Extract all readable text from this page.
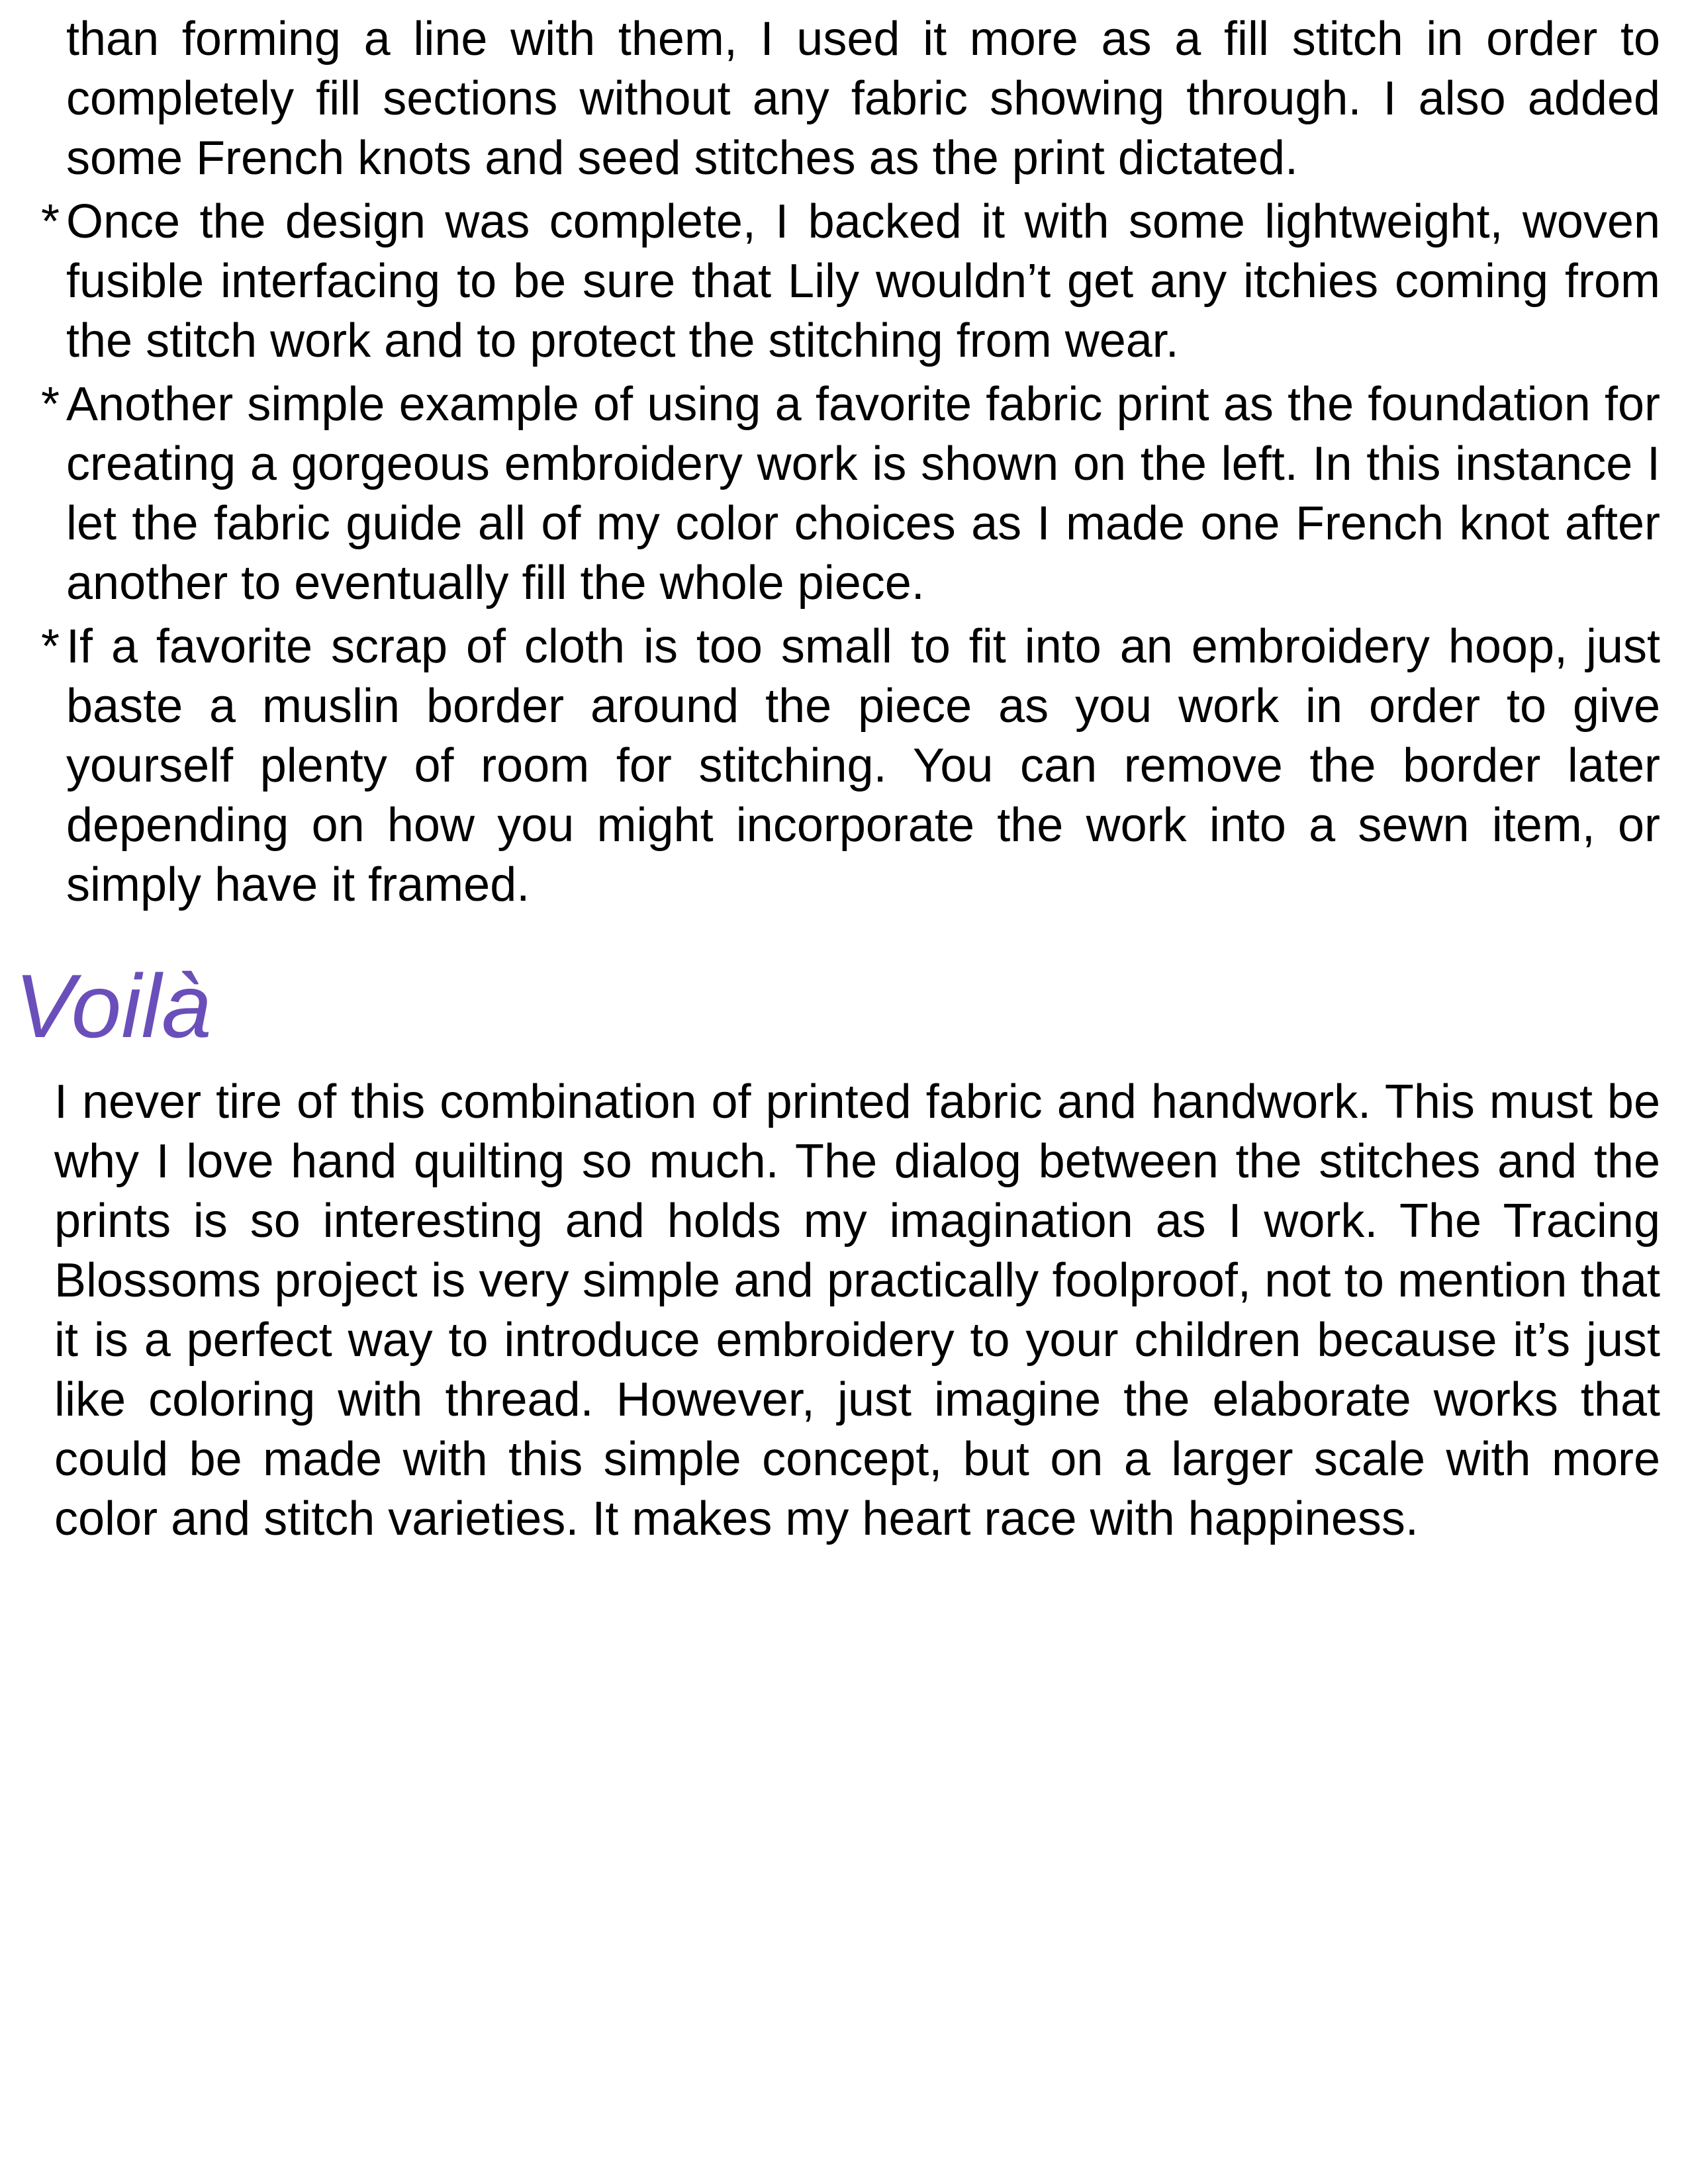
than forming a line with them, I used it more as a fill stitch in order to completely fill sections without any fabric showing through. I also added some French knots and seed stitches as the print dictated.

* Once the design was complete, I backed it with some lightweight, woven fusible interfacing to be sure that Lily wouldn’t get any itchies coming from the stitch work and to protect the stitching from wear.

* Another simple example of using a favorite fabric print as the foundation for creating a gorgeous embroidery work is shown on the left. In this instance I let the fabric guide all of my color choices as I made one French knot after another to eventually fill the whole piece.

* If a favorite scrap of cloth is too small to fit into an embroidery hoop, just baste a muslin border around the piece as you work in order to give yourself plenty of room for stitching. You can remove the border later depending on how you might incorporate the work into a sewn item, or simply have it framed.

Voilà

I never tire of this combination of printed fabric and handwork. This must be why I love hand quilting so much. The dialog between the stitches and the prints is so interesting and holds my imagination as I work. The Tracing Blossoms project is very simple and practically foolproof, not to mention that it is a perfect way to introduce embroidery to your children because it’s just like coloring with thread. However, just imagine the elaborate works that could be made with this simple concept, but on a larger scale with more color and stitch varieties. It makes my heart race with happiness.
